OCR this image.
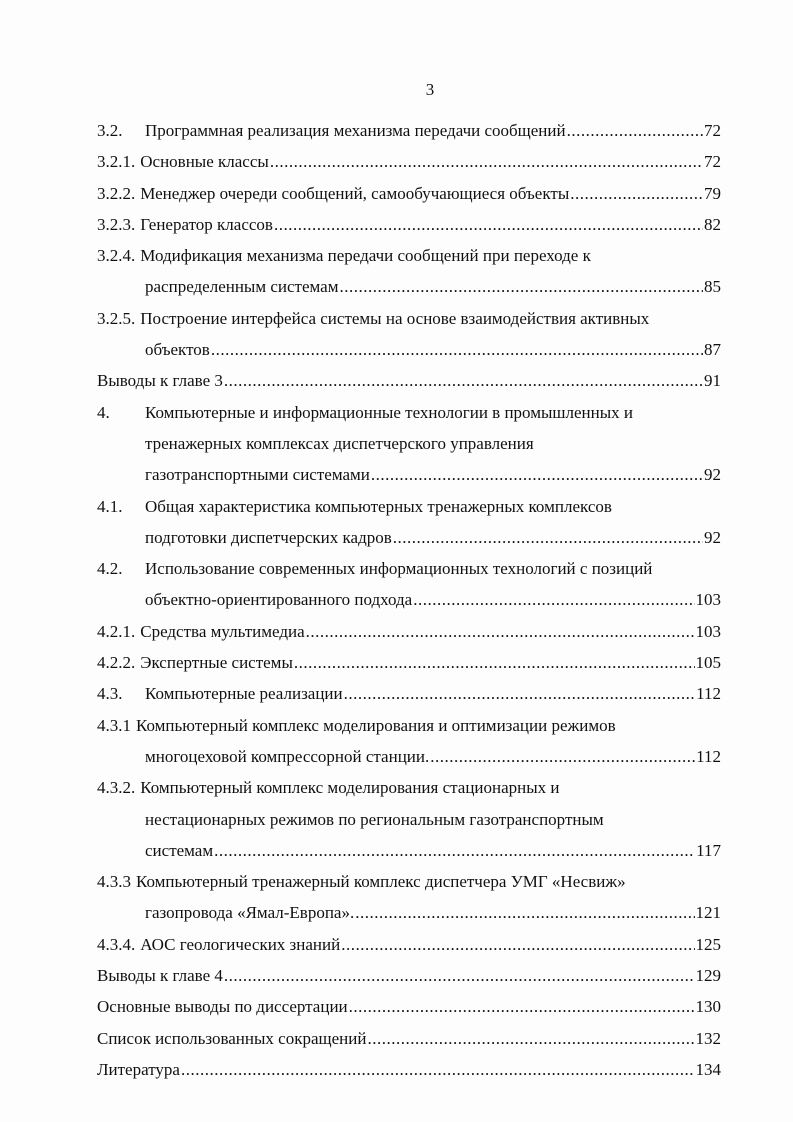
3
3.2.	Программная реализация механизма передачи сообщений .....	72
3.2.1. Основные классы .....	72
3.2.2. Менеджер очереди сообщений, самообучающиеся объекты .....	79
3.2.3. Генератор классов .....	82
3.2.4. Модификация механизма передачи сообщений при переходе к
распределенным системам .....	85
3.2.5. Построение интерфейса системы на основе взаимодействия активных
объектов .....	87
Выводы к главе 3 .....	91
4.	Компьютерные и информационные технологии в промышленных и
тренажерных комплексах диспетчерского управления
газотранспортными системами .....	92
4.1.	Общая характеристика компьютерных тренажерных комплексов
подготовки диспетчерских кадров .....	92
4.2.	Использование современных информационных технологий с позиций
объектно-ориентированного подхода .....	103
4.2.1. Средства мультимедиа .....	103
4.2.2. Экспертные системы .....	105
4.3.	Компьютерные реализации .....	112
4.3.1 Компьютерный комплекс моделирования и оптимизации режимов
многоцеховой компрессорной станции. .....	112
4.3.2. Компьютерный комплекс моделирования стационарных и
нестационарных режимов по региональным газотранспортным
системам .....	117
4.3.3 Компьютерный тренажерный комплекс диспетчера УМГ «Несвиж»
газопровода «Ямал-Европа». .....	121
4.3.4. АОС геологических знаний .....	125
Выводы к главе 4 .....	129
Основные выводы по диссертации .....	130
Список использованных сокращений .....	132
Литература .....	134
